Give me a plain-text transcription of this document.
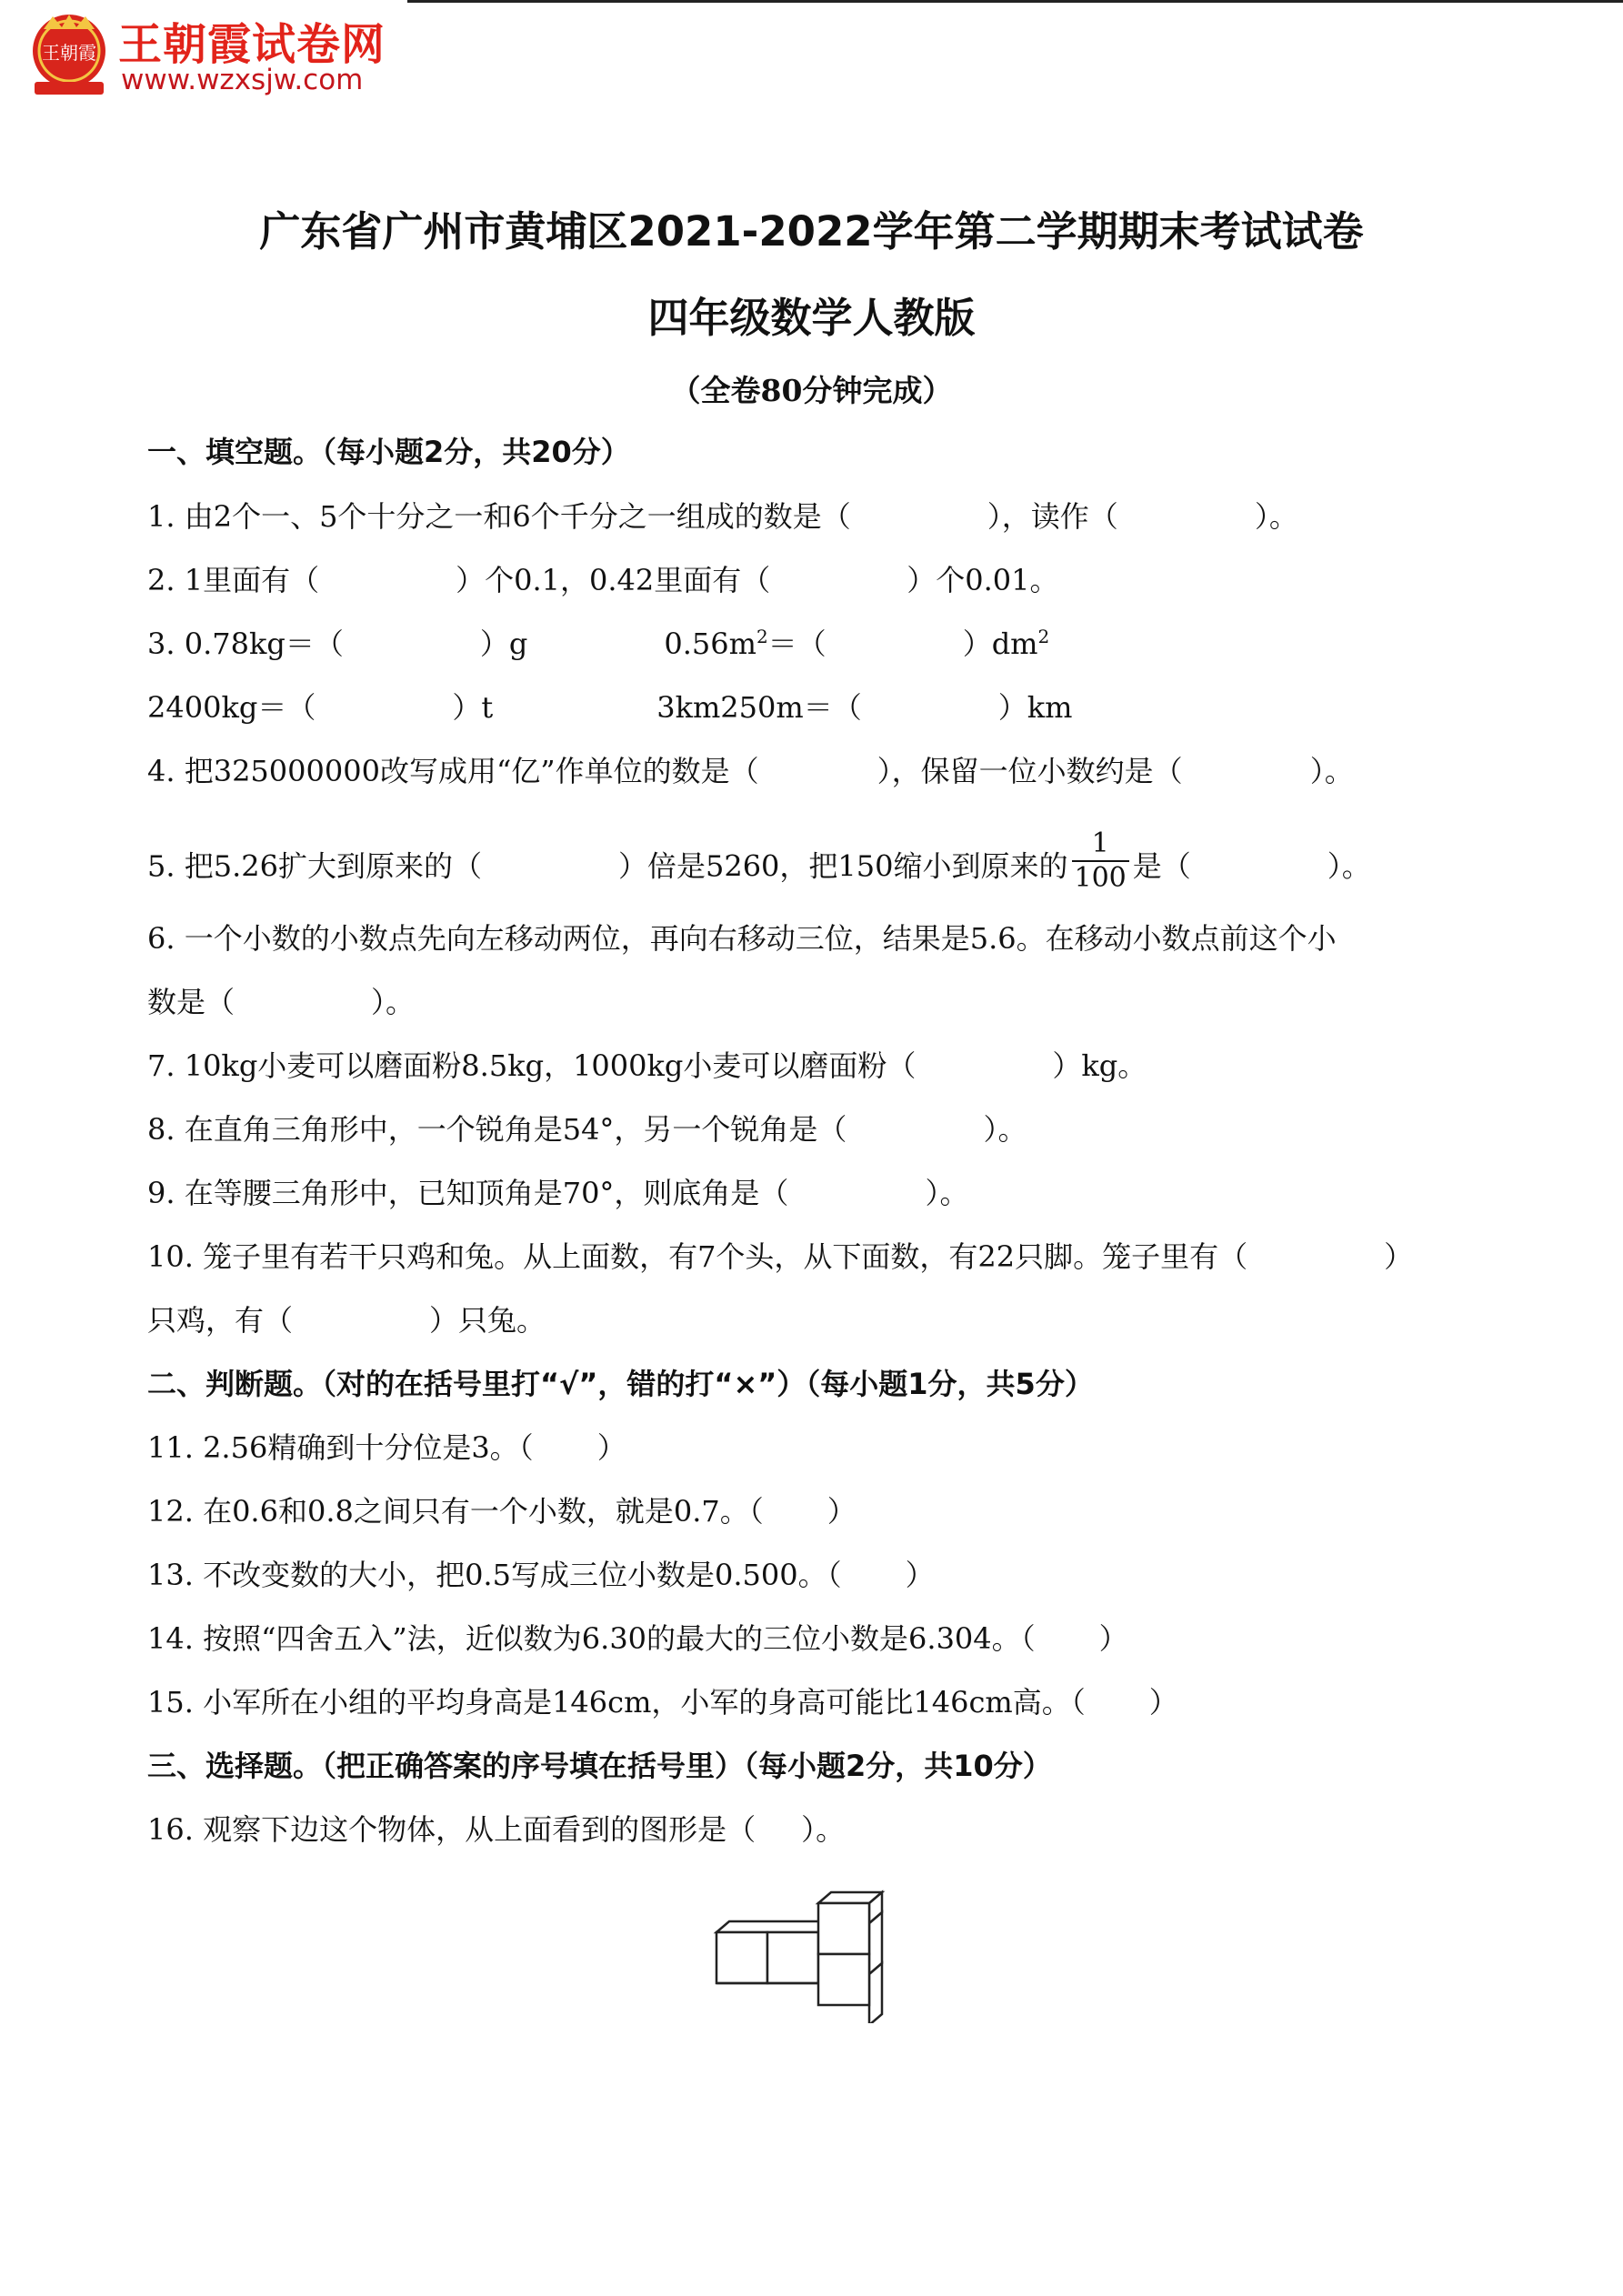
王朝霞 王朝霞试卷网
www.wzxsjw.com
广东省广州市黄埔区2021-2022学年第二学期期末考试试卷
四年级数学人教版
（全卷80分钟完成）
一、填空题。（每小题2分，共20分）
1. 由2个一、5个十分之一和6个千分之一组成的数是（	），读作（	）。
2. 1里面有（	）个0.1，0.42里面有（	）个0.01。
3. 0.78kg＝（	）g	$0.56m^2=$（	）$dm^2$
2400kg＝（	）t	3km250m＝（	）km
4. 把325000000改写成用“亿”作单位的数是（	），保留一位小数约是（	）。
5. 把5.26扩大到原来的（	）倍是5260，把150缩小到原来的 $\frac{1}{100}$ 是（	）。
6. 一个小数的小数点先向左移动两位，再向右移动三位，结果是5.6。在移动小数点前这个小
数是（	）。
7. 10kg小麦可以磨面粉8.5kg，1000kg小麦可以磨面粉（	）kg。
8. 在直角三角形中，一个锐角是54°，另一个锐角是（	）。
9. 在等腰三角形中，已知顶角是70°，则底角是（	）。
10. 笼子里有若干只鸡和兔。从上面数，有7个头，从下面数，有22只脚。笼子里有（	）
只鸡，有（	）只兔。
二、判断题。（对的在括号里打“√”，错的打“×”）（每小题1分，共5分）
11. 2.56精确到十分位是3。（ ）
12. 在0.6和0.8之间只有一个小数，就是0.7。（ ）
13. 不改变数的大小，把0.5写成三位小数是0.500。（ ）
14. 按照“四舍五入”法，近似数为6.30的最大的三位小数是6.304。（ ）
15. 小军所在小组的平均身高是146cm，小军的身高可能比146cm高。（ ）
三、选择题。（把正确答案的序号填在括号里）（每小题2分，共10分）
16. 观察下边这个物体，从上面看到的图形是（ ）。
